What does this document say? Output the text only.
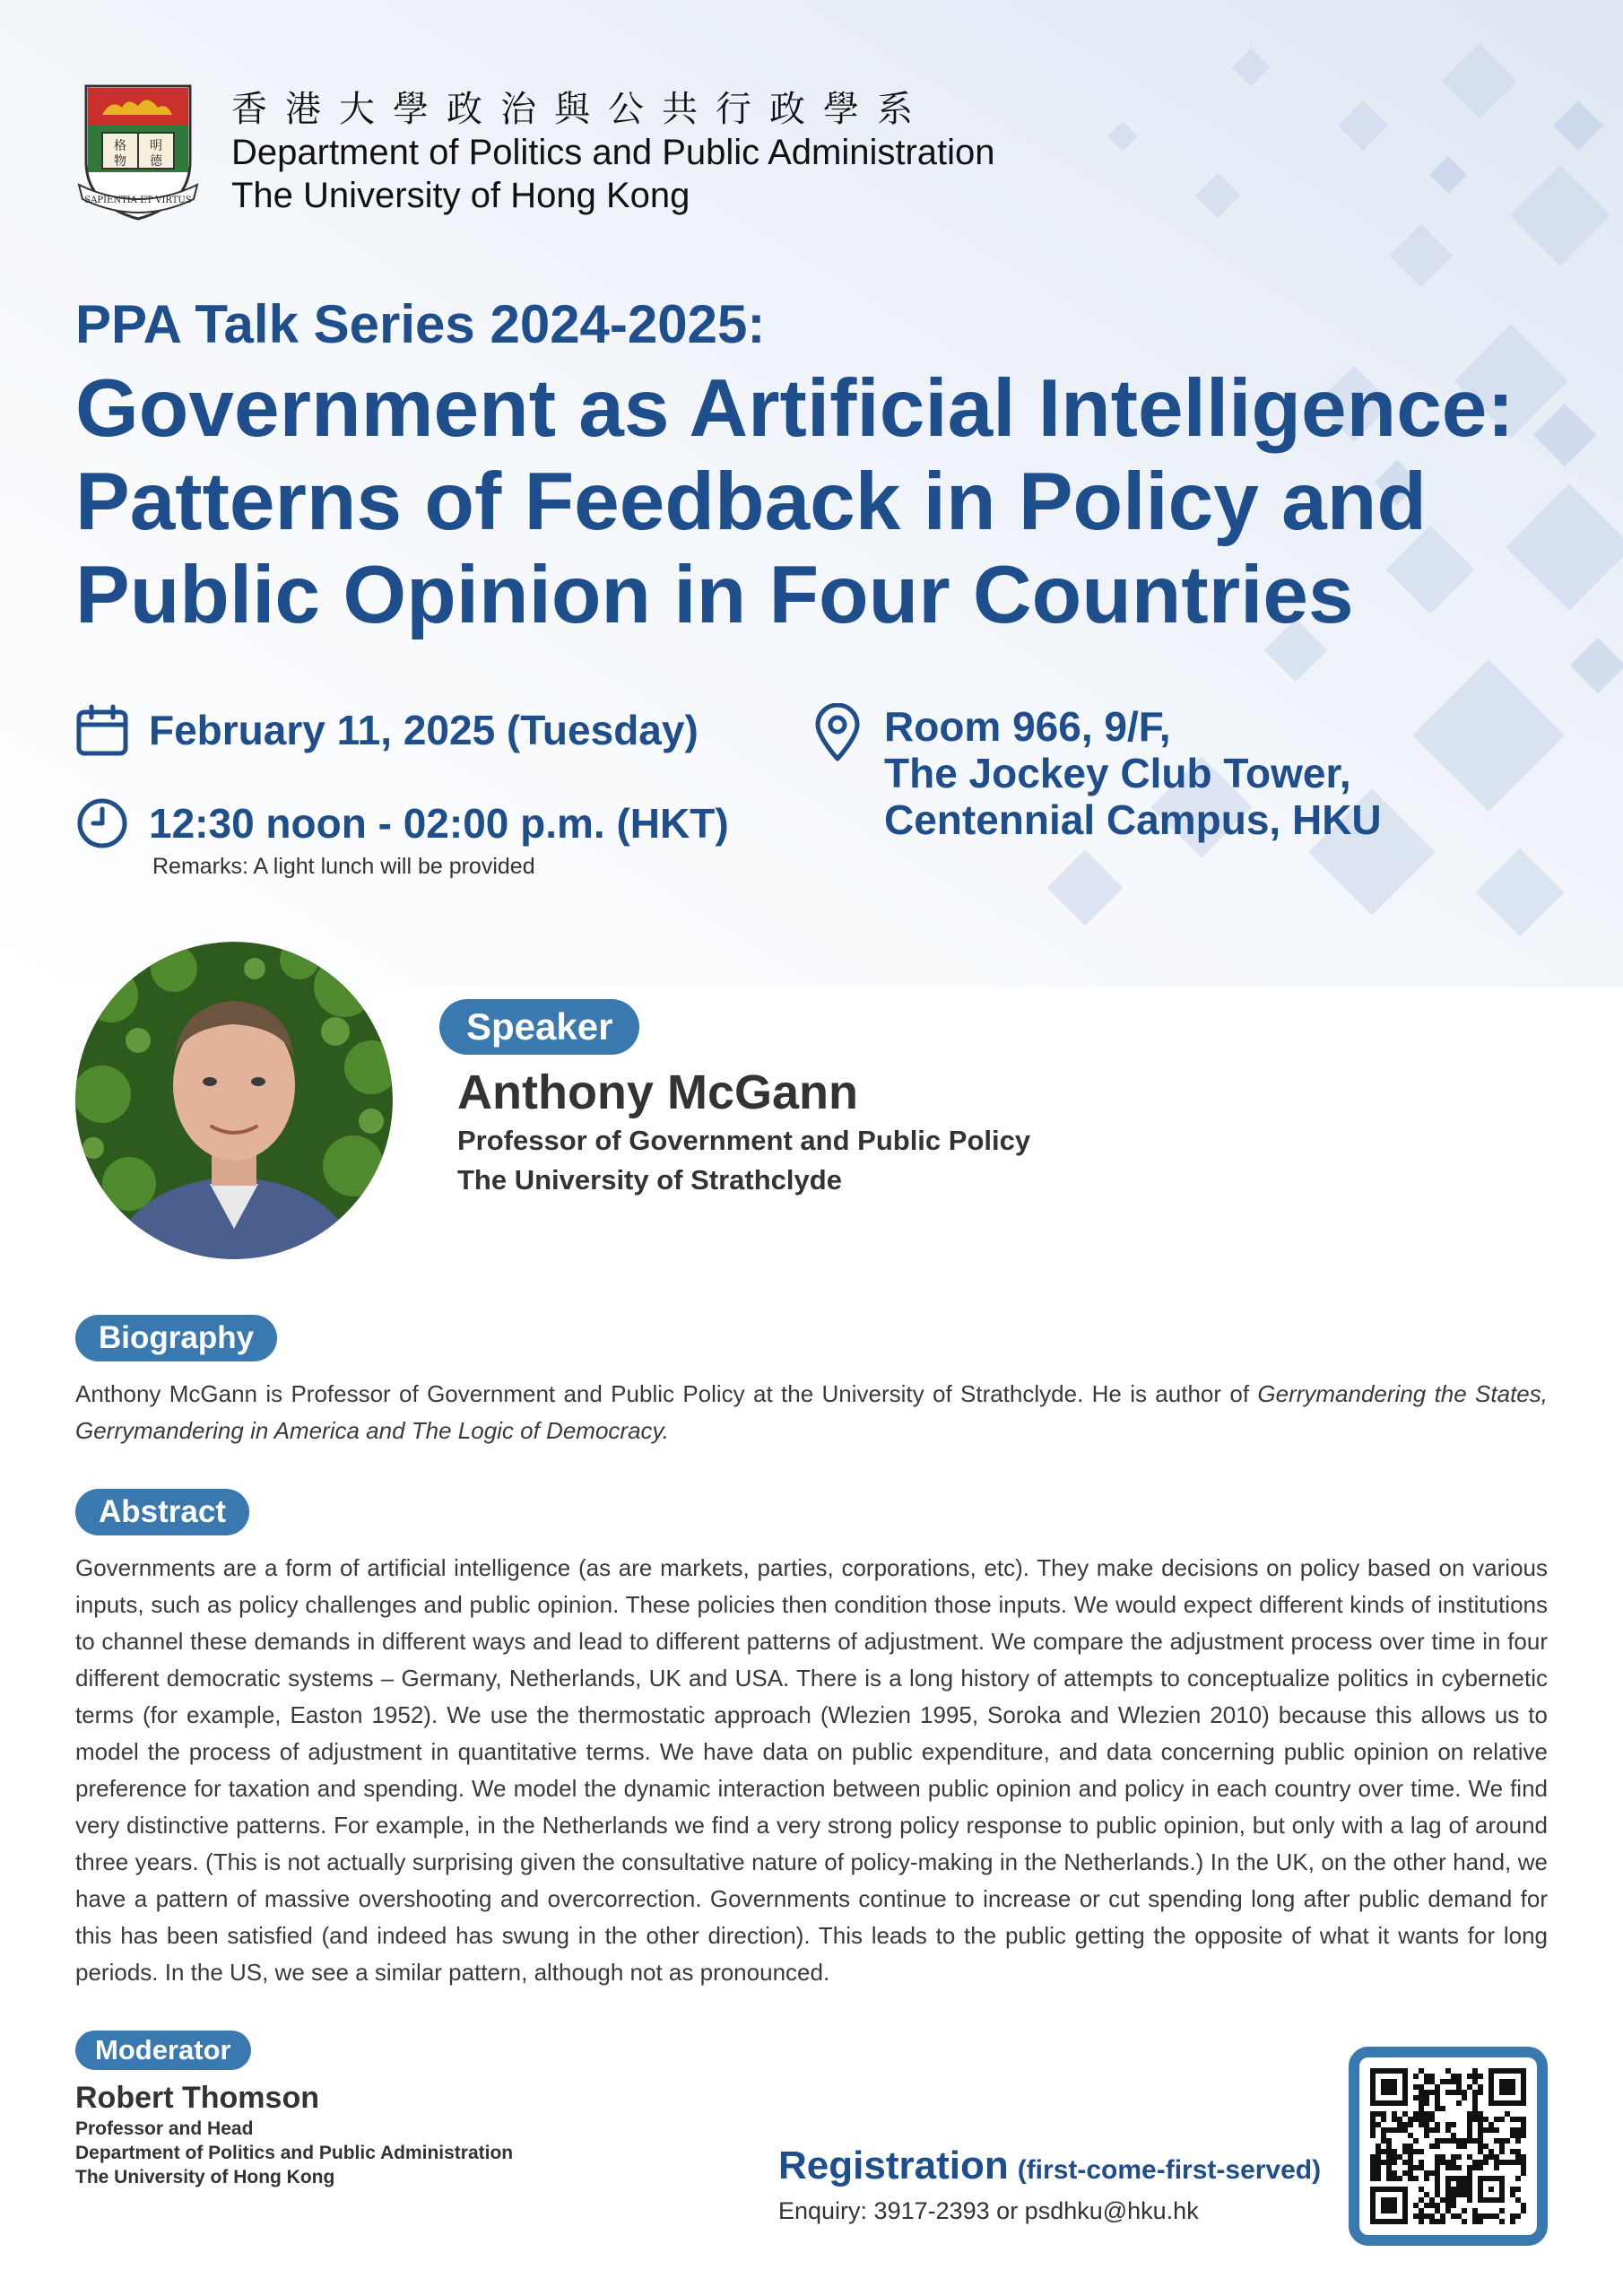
格 明
物 德
SAPIENTIA ET VIRTUS
香港大學政治與公共行政學系
Department of Politics and Public Administration
The University of Hong Kong
PPA Talk Series 2024-2025:
Government as Artificial Intelligence:
Patterns of Feedback in Policy and
Public Opinion in Four Countries
February 11, 2025 (Tuesday)
12:30 noon - 02:00 p.m. (HKT)
Remarks: A light lunch will be provided
Room 966, 9/F,
The Jockey Club Tower,
Centennial Campus, HKU
Speaker
Anthony McGann
Professor of Government and Public Policy
The University of Strathclyde
Biography
Anthony McGann is Professor of Government and Public Policy at the University of Strathclyde. He is author of Gerrymandering the States, Gerrymandering in America and The Logic of Democracy.
Abstract
Governments are a form of artificial intelligence (as are markets, parties, corporations, etc). They make decisions on policy based on various inputs, such as policy challenges and public opinion. These policies then condition those inputs. We would expect different kinds of institutions to channel these demands in different ways and lead to different patterns of adjustment. We compare the adjustment process over time in four different democratic systems – Germany, Netherlands, UK and USA. There is a long history of attempts to conceptualize politics in cybernetic terms (for example, Easton 1952). We use the thermostatic approach (Wlezien 1995, Soroka and Wlezien 2010) because this allows us to model the process of adjustment in quantitative terms. We have data on public expenditure, and data concerning public opinion on relative preference for taxation and spending. We model the dynamic interaction between public opinion and policy in each country over time. We find very distinctive patterns. For example, in the Netherlands we find a very strong policy response to public opinion, but only with a lag of around three years. (This is not actually surprising given the consultative nature of policy-making in the Netherlands.) In the UK, on the other hand, we have a pattern of massive overshooting and overcorrection. Governments continue to increase or cut spending long after public demand for this has been satisfied (and indeed has swung in the other direction). This leads to the public getting the opposite of what it wants for long periods. In the US, we see a similar pattern, although not as pronounced.
Moderator
Robert Thomson
Professor and Head
Department of Politics and Public Administration
The University of Hong Kong	Registration (first-come-first-served)
Enquiry: 3917-2393 or psdhku@hku.hk
